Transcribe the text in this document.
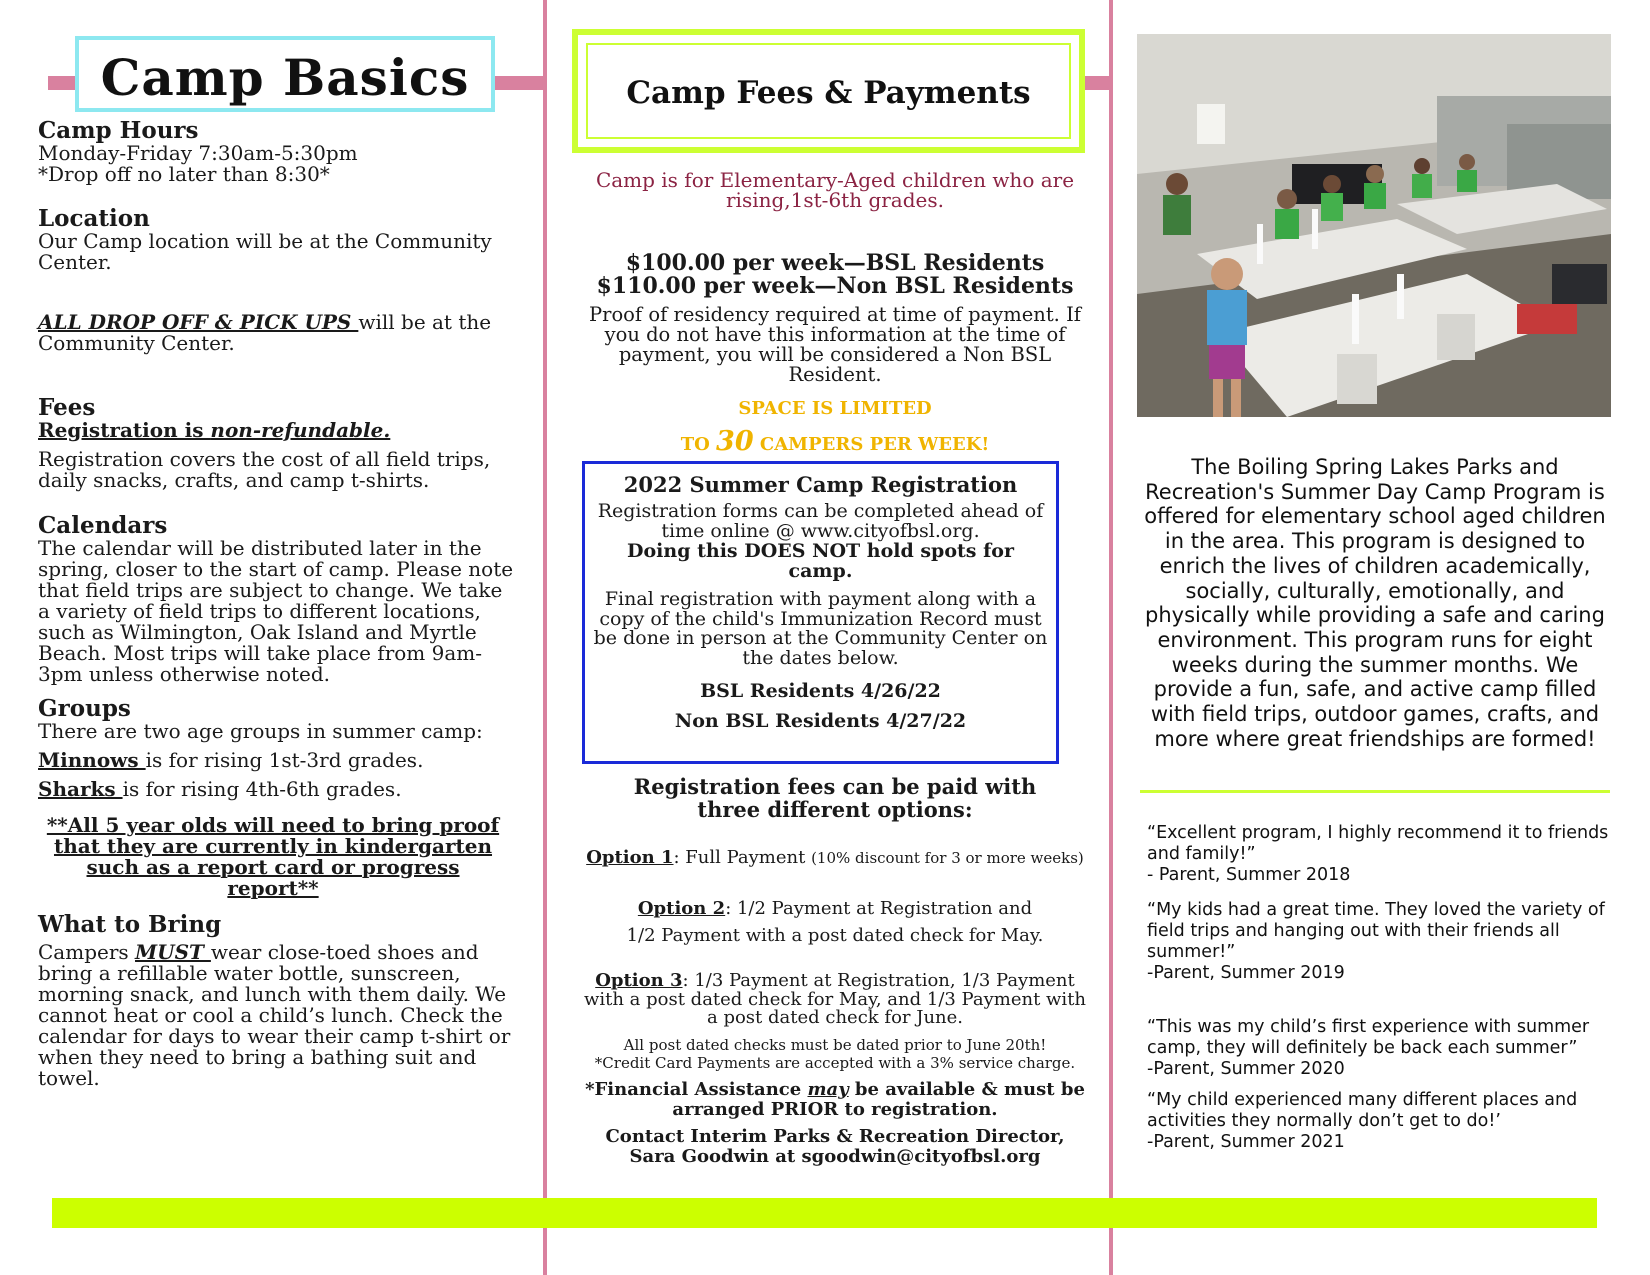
Camp Basics
Camp Hours
Monday-Friday 7:30am-5:30pm
*Drop off no later than 8:30*
Location
Our Camp location will be at the Community Center.
ALL DROP OFF & PICK UPS will be at the Community Center.
Fees
Registration is non-refundable.
Registration covers the cost of all field trips, daily snacks, crafts, and camp t-shirts.
Calendars
The calendar will be distributed later in the spring, closer to the start of camp. Please note that field trips are subject to change. We take a variety of field trips to different locations, such as Wilmington, Oak Island and Myrtle Beach. Most trips will take place from 9am-3pm unless otherwise noted.
Groups
There are two age groups in summer camp:
Minnows is for rising 1st-3rd grades.
Sharks is for rising 4th-6th grades.
**All 5 year olds will need to bring proof that they are currently in kindergarten such as a report card or progress report**
What to Bring
Campers MUST wear close-toed shoes and bring a refillable water bottle, sunscreen, morning snack, and lunch with them daily. We cannot heat or cool a child’s lunch. Check the calendar for days to wear their camp t-shirt or when they need to bring a bathing suit and towel.
Camp Fees & Payments
Camp is for Elementary-Aged children who are rising,1st-6th grades.
$100.00 per week—BSL Residents
$110.00 per week—Non BSL Residents
Proof of residency required at time of payment. If you do not have this information at the time of payment, you will be considered a Non BSL Resident.
SPACE IS LIMITED
TO 30 CAMPERS PER WEEK!
2022 Summer Camp Registration
Registration forms can be completed ahead of time online @ www.cityofbsl.org.
Doing this DOES NOT hold spots for camp.
Final registration with payment along with a copy of the child's Immunization Record must be done in person at the Community Center on the dates below.
BSL Residents 4/26/22
Non BSL Residents 4/27/22
Registration fees can be paid with three different options:
Option 1: Full Payment (10% discount for 3 or more weeks)
Option 2: 1/2 Payment at Registration and
1/2 Payment with a post dated check for May.
Option 3: 1/3 Payment at Registration, 1/3 Payment with a post dated check for May, and 1/3 Payment with a post dated check for June.
All post dated checks must be dated prior to June 20th!
*Credit Card Payments are accepted with a 3% service charge.
*Financial Assistance may be available & must be arranged PRIOR to registration.
Contact Interim Parks & Recreation Director, Sara Goodwin at sgoodwin@cityofbsl.org
The Boiling Spring Lakes Parks and Recreation's Summer Day Camp Program is offered for elementary school aged children in the area. This program is designed to enrich the lives of children academically, socially, culturally, emotionally, and physically while providing a safe and caring environment. This program runs for eight weeks during the summer months. We provide a fun, safe, and active camp filled with field trips, outdoor games, crafts, and more where great friendships are formed!
“Excellent program, I highly recommend it to friends and family!”
- Parent, Summer 2018
“My kids had a great time. They loved the variety of field trips and hanging out with their friends all summer!”
-Parent, Summer 2019
“This was my child’s first experience with summer camp, they will definitely be back each summer”
-Parent, Summer 2020
“My child experienced many different places and activities they normally don’t get to do!’
-Parent, Summer 2021
